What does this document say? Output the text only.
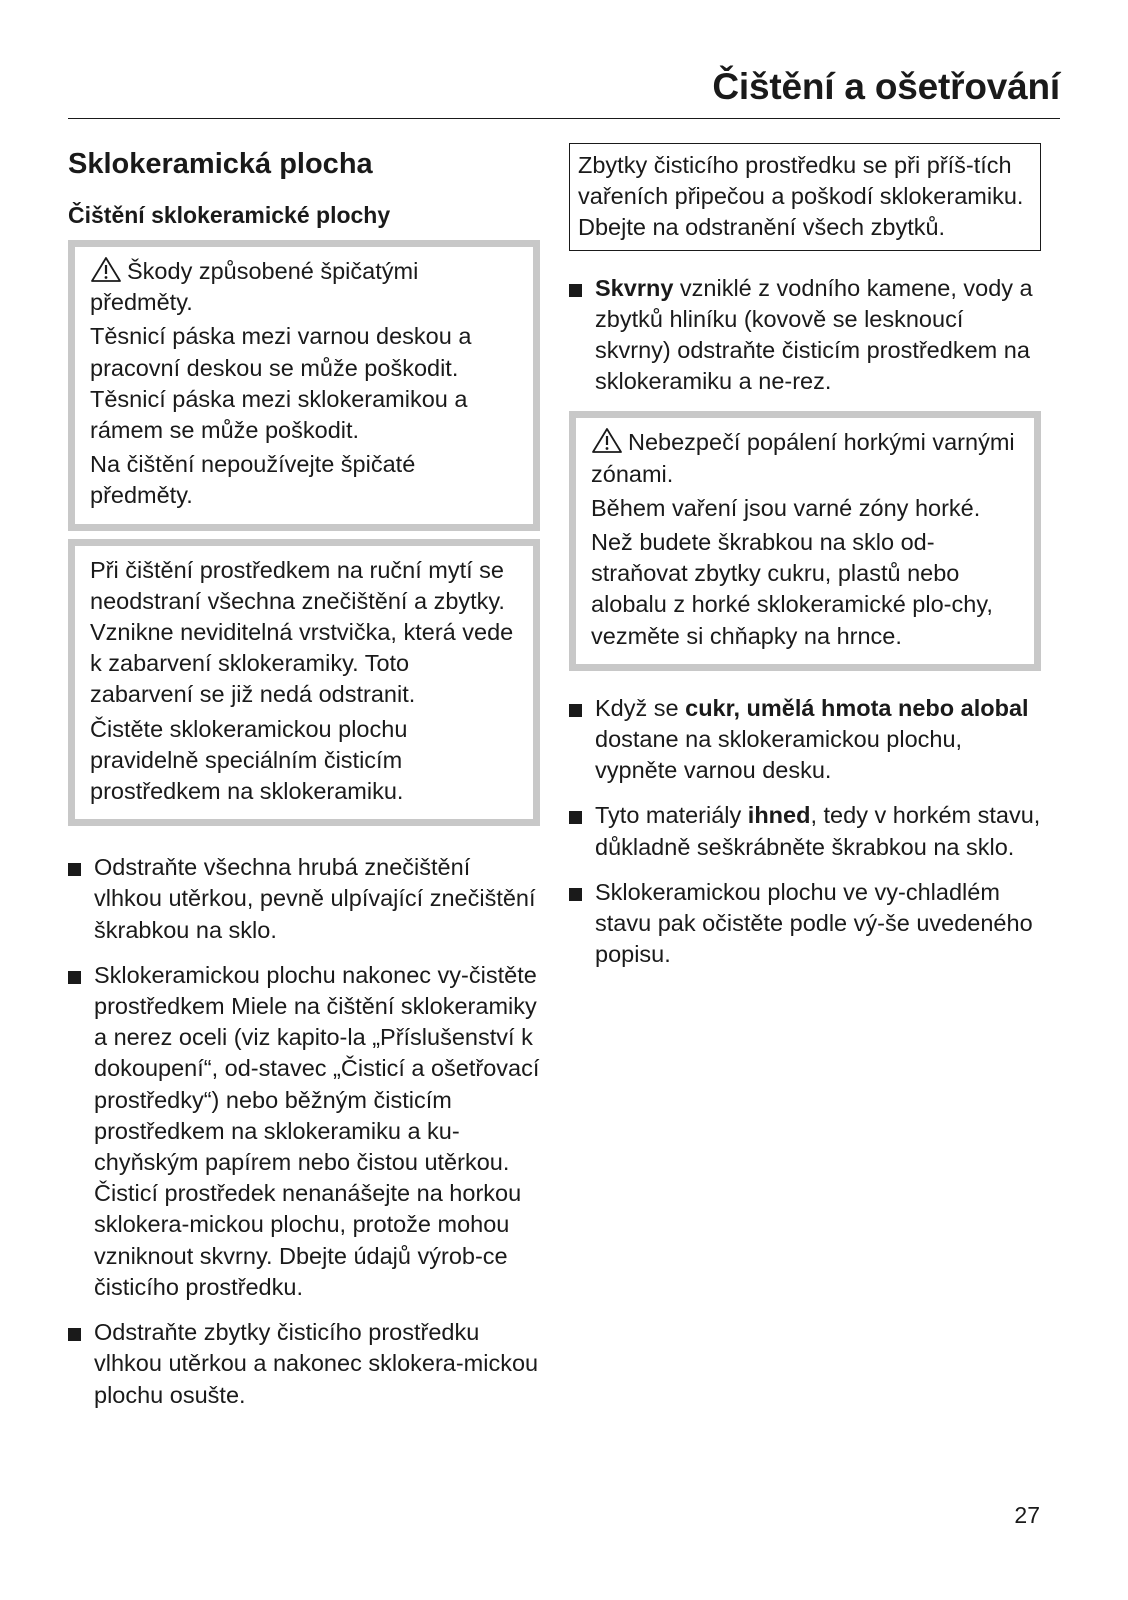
Čištění a ošetřování
Sklokeramická plocha
Čištění sklokeramické plochy

Škody způsobené špičatými předměty.

Těsnicí páska mezi varnou deskou a pracovní deskou se může poškodit. Těsnicí páska mezi sklokeramikou a rámem se může poškodit.

Na čištění nepoužívejte špičaté předměty.

Při čištění prostředkem na ruční mytí se neodstraní všechna znečištění a zbytky. Vznikne neviditelná vrstvička, která vede k zabarvení sklokeramiky. Toto zabarvení se již nedá odstranit.

Čistěte sklokeramickou plochu pravidelně speciálním čisticím prostředkem na sklokeramiku.

Odstraňte všechna hrubá znečištění vlhkou utěrkou, pevně ulpívající znečištění škrabkou na sklo.
Sklokeramickou plochu nakonec vy-čistěte prostředkem Miele na čištění sklokeramiky a nerez oceli (viz kapito-la „Příslušenství k dokoupení“, od-stavec „Čisticí a ošetřovací prostředky“) nebo běžným čisticím prostředkem na sklokeramiku a ku-chyňským papírem nebo čistou utěrkou. Čisticí prostředek nenanášejte na horkou sklokera-mickou plochu, protože mohou vzniknout skvrny. Dbejte údajů výrob-ce čisticího prostředku.
Odstraňte zbytky čisticího prostředku vlhkou utěrkou a nakonec sklokera-mickou plochu osušte.

Zbytky čisticího prostředku se při příš-tích vařeních připečou a poškodí sklokeramiku. Dbejte na odstranění všech zbytků.

Skvrny vzniklé z vodního kamene, vody a zbytků hliníku (kovově se lesknoucí skvrny) odstraňte čisticím prostředkem na sklokeramiku a ne-rez.

Nebezpečí popálení horkými varnými zónami.

Během vaření jsou varné zóny horké.

Než budete škrabkou na sklo od-straňovat zbytky cukru, plastů nebo alobalu z horké sklokeramické plo-chy, vezměte si chňapky na hrnce.

Když se cukr, umělá hmota nebo alobal dostane na sklokeramickou plochu, vypněte varnou desku.
Tyto materiály ihned, tedy v horkém stavu, důkladně seškrábněte škrabkou na sklo.
Sklokeramickou plochu ve vy-chladlém stavu pak očistěte podle vý-še uvedeného popisu.
27
